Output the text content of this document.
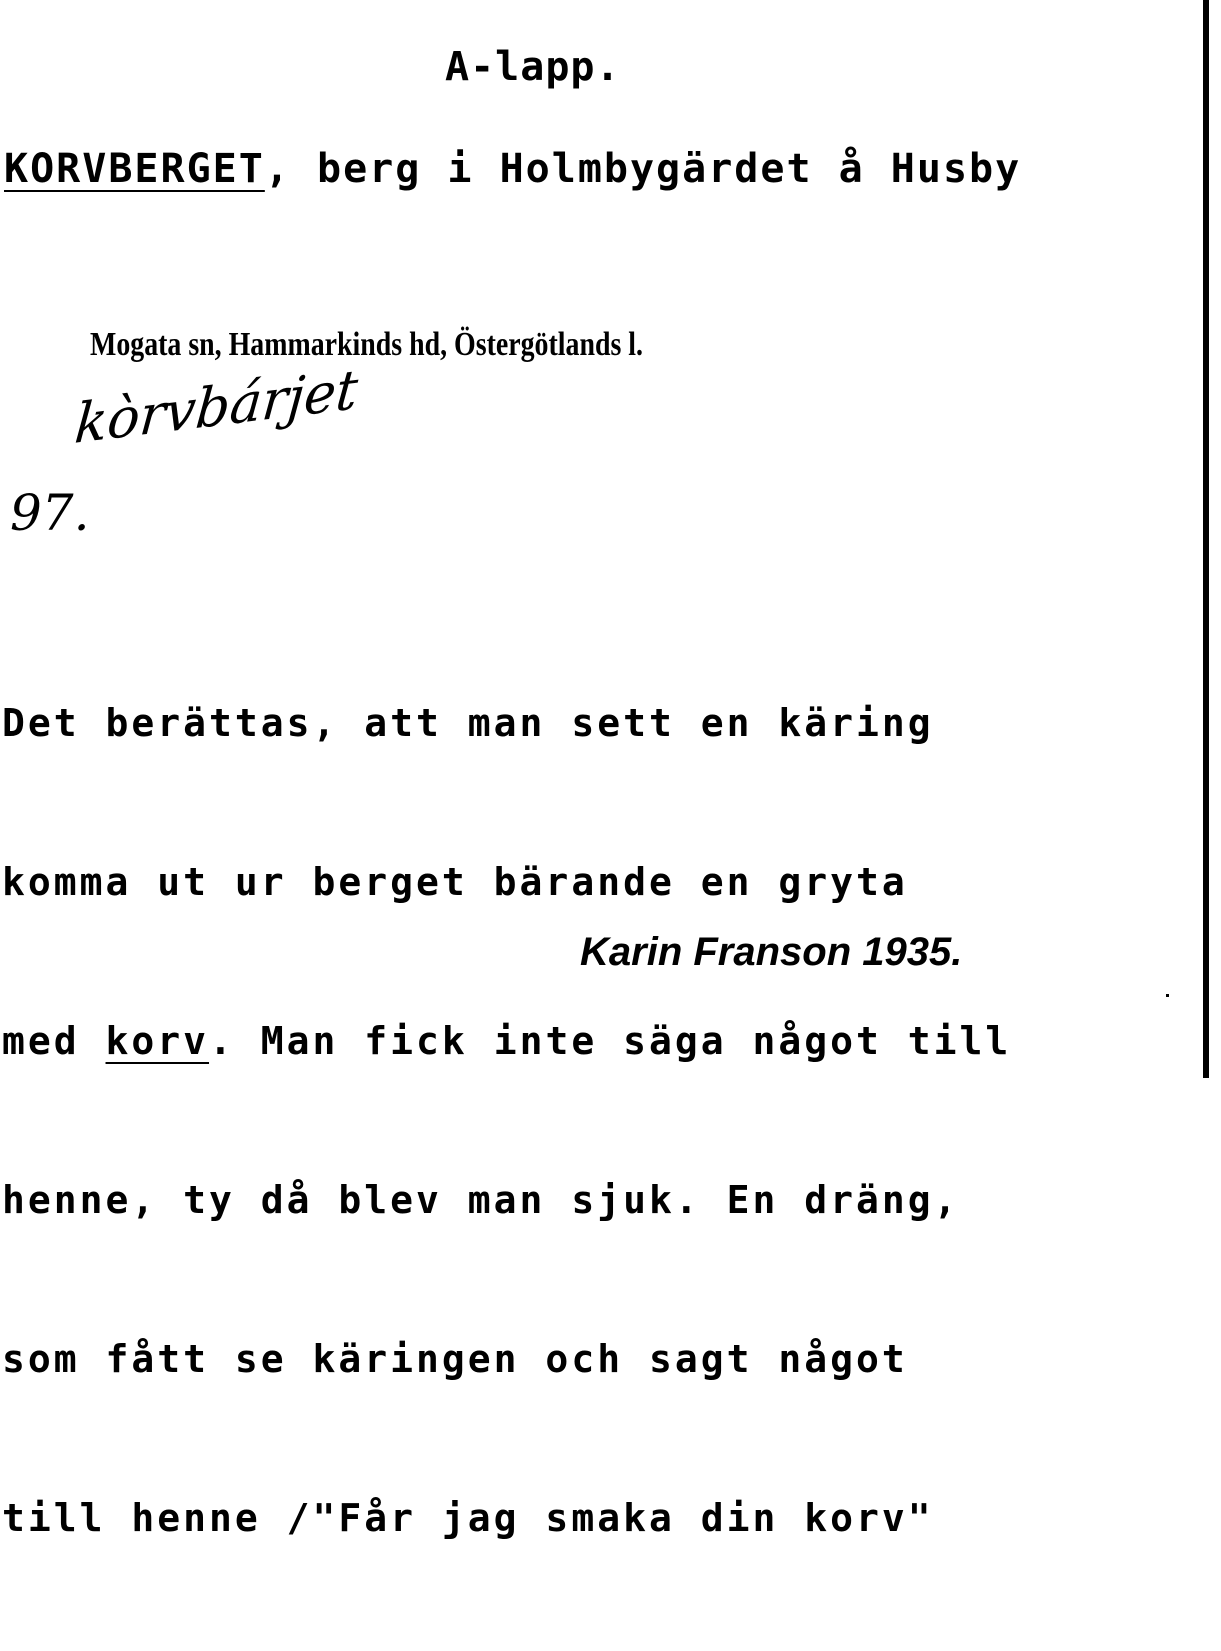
A-lapp.
KORVBERGET, berg i Holmbygärdet å Husby
Mogata sn, Hammarkinds hd, Östergötlands l.
kòrvbárjet
97.

Det berättas, att man sett en käring

komma ut ur berget bärande en gryta

med korv. Man fick inte säga något till

henne, ty då blev man sjuk. En dräng,

som fått se käringen och sagt något

till henne /"Får jag smaka din korv"

Karin Franson 1935.
